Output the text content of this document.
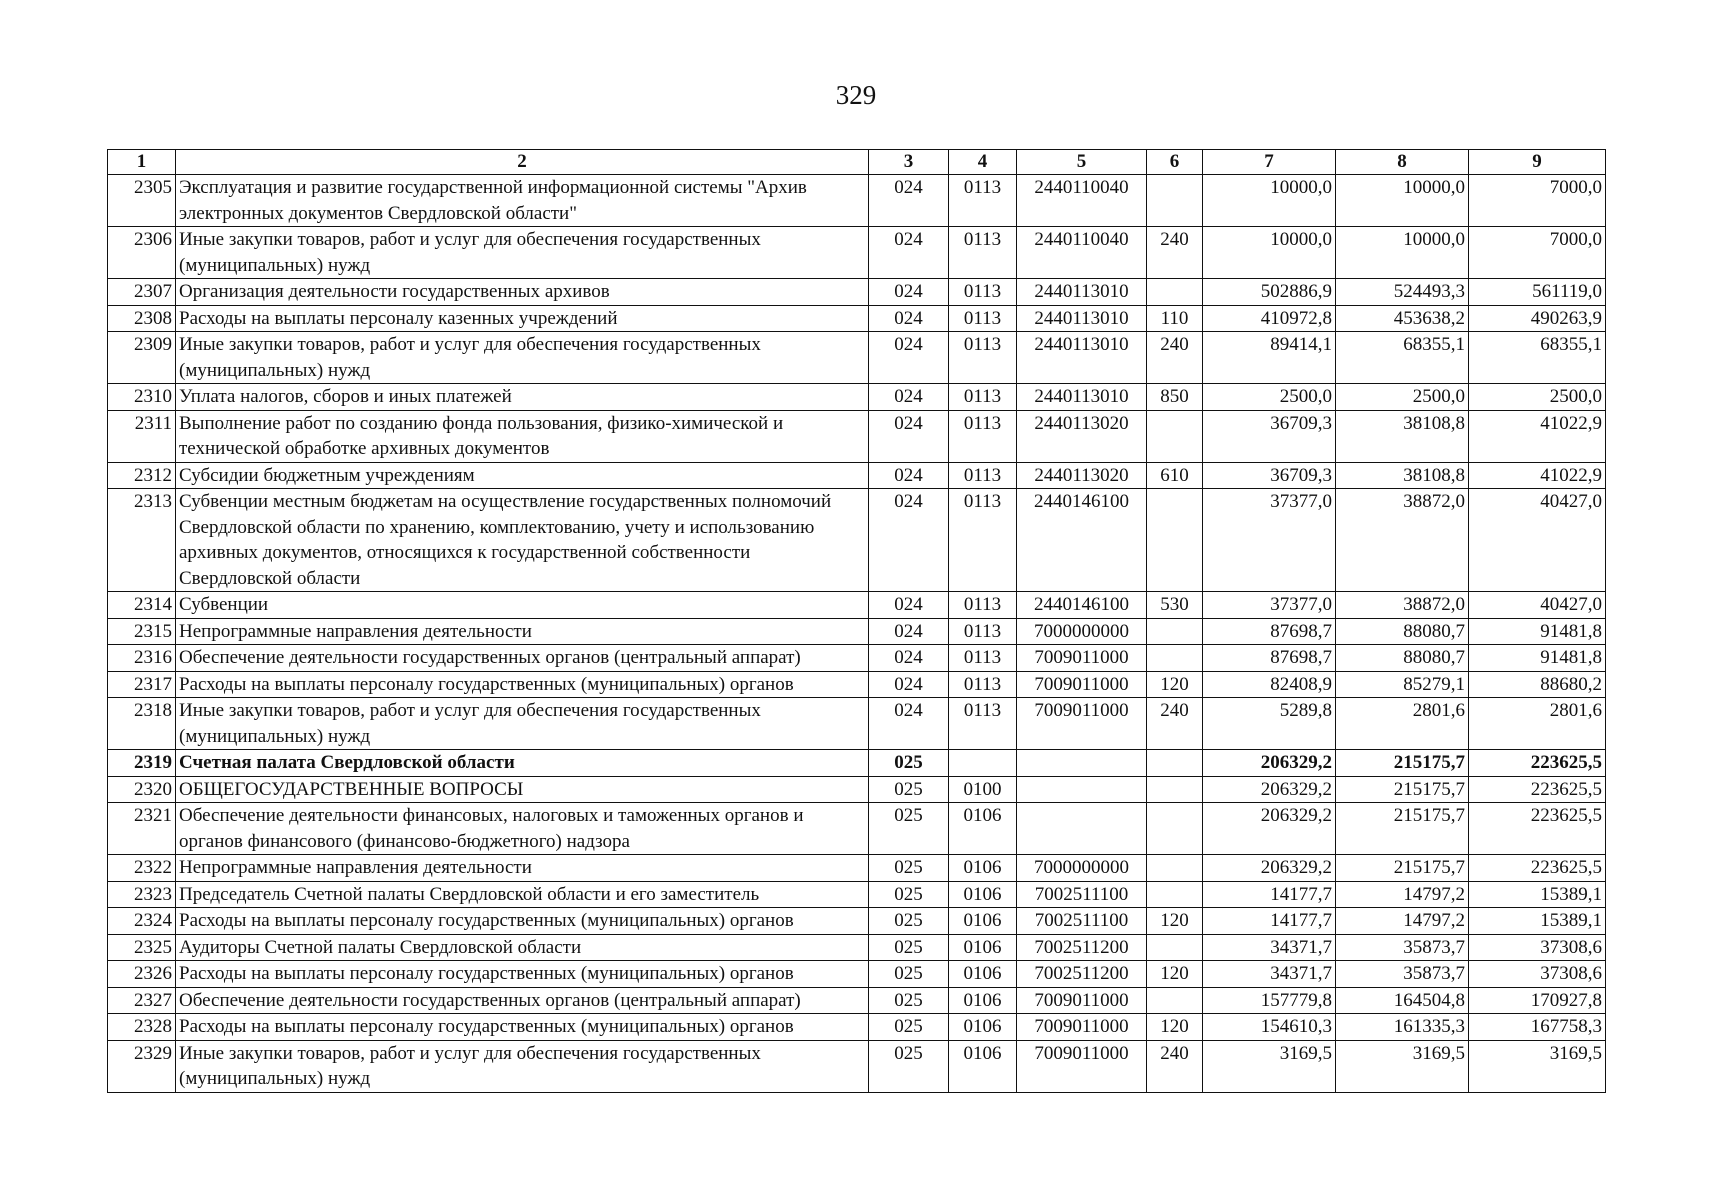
329
1	2	3	4	5	6	7	8	9
2305	Эксплуатация и развитие государственной информационной системы "Архив электронных документов Свердловской области"	024	0113	2440110040		10000,0	10000,0	7000,0
2306	Иные закупки товаров, работ и услуг для обеспечения государственных (муниципальных) нужд	024	0113	2440110040	240	10000,0	10000,0	7000,0
2307	Организация деятельности государственных архивов	024	0113	2440113010		502886,9	524493,3	561119,0
2308	Расходы на выплаты персоналу казенных учреждений	024	0113	2440113010	110	410972,8	453638,2	490263,9
2309	Иные закупки товаров, работ и услуг для обеспечения государственных (муниципальных) нужд	024	0113	2440113010	240	89414,1	68355,1	68355,1
2310	Уплата налогов, сборов и иных платежей	024	0113	2440113010	850	2500,0	2500,0	2500,0
2311	Выполнение работ по созданию фонда пользования, физико-химической и технической обработке архивных документов	024	0113	2440113020		36709,3	38108,8	41022,9
2312	Субсидии бюджетным учреждениям	024	0113	2440113020	610	36709,3	38108,8	41022,9
2313	Субвенции местным бюджетам на осуществление государственных полномочий Свердловской области по хранению, комплектованию, учету и использованию архивных документов, относящихся к государственной собственности Свердловской области	024	0113	2440146100		37377,0	38872,0	40427,0
2314	Субвенции	024	0113	2440146100	530	37377,0	38872,0	40427,0
2315	Непрограммные направления деятельности	024	0113	7000000000		87698,7	88080,7	91481,8
2316	Обеспечение деятельности государственных органов (центральный аппарат)	024	0113	7009011000		87698,7	88080,7	91481,8
2317	Расходы на выплаты персоналу государственных (муниципальных) органов	024	0113	7009011000	120	82408,9	85279,1	88680,2
2318	Иные закупки товаров, работ и услуг для обеспечения государственных (муниципальных) нужд	024	0113	7009011000	240	5289,8	2801,6	2801,6
2319	Счетная палата Свердловской области	025				206329,2	215175,7	223625,5
2320	ОБЩЕГОСУДАРСТВЕННЫЕ ВОПРОСЫ	025	0100			206329,2	215175,7	223625,5
2321	Обеспечение деятельности финансовых, налоговых и таможенных органов и органов финансового (финансово-бюджетного) надзора	025	0106			206329,2	215175,7	223625,5
2322	Непрограммные направления деятельности	025	0106	7000000000		206329,2	215175,7	223625,5
2323	Председатель Счетной палаты Свердловской области и его заместитель	025	0106	7002511100		14177,7	14797,2	15389,1
2324	Расходы на выплаты персоналу государственных (муниципальных) органов	025	0106	7002511100	120	14177,7	14797,2	15389,1
2325	Аудиторы Счетной палаты Свердловской области	025	0106	7002511200		34371,7	35873,7	37308,6
2326	Расходы на выплаты персоналу государственных (муниципальных) органов	025	0106	7002511200	120	34371,7	35873,7	37308,6
2327	Обеспечение деятельности государственных органов (центральный аппарат)	025	0106	7009011000		157779,8	164504,8	170927,8
2328	Расходы на выплаты персоналу государственных (муниципальных) органов	025	0106	7009011000	120	154610,3	161335,3	167758,3
2329	Иные закупки товаров, работ и услуг для обеспечения государственных (муниципальных) нужд	025	0106	7009011000	240	3169,5	3169,5	3169,5
